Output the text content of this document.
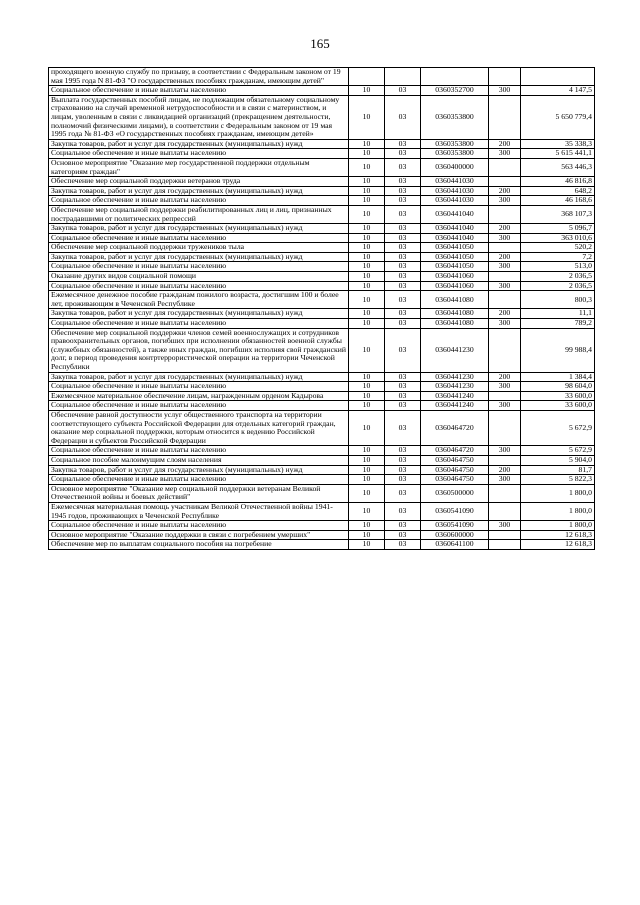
165
проходящего военную службу по призыву, в соответствии с Федеральным законом от 19 мая 1995 года N 81-ФЗ "О государственных пособиях гражданам, имеющим детей"					
Социальное обеспечение и иные выплаты населению	10	03	0360352700	300	4 147,5
Выплата государственных пособий лицам, не подлежащим обязательному социальному страхованию на случай временной нетрудоспособности и в связи с материнством, и лицам, уволенным в связи с ликвидацией организаций (прекращением деятельности, полномочий физическими лицами), в соответствии с Федеральным законом от 19 мая 1995 года № 81-ФЗ «О государственных пособиях гражданам, имеющим детей»	10	03	0360353800		5 650 779,4
Закупка товаров, работ и услуг для государственных (муниципальных) нужд	10	03	0360353800	200	35 338,3
Социальное обеспечение и иные выплаты населению	10	03	0360353800	300	5 615 441,1
Основное мероприятие "Оказание мер государственной поддержки отдельным категориям граждан"	10	03	0360400000		563 446,3
Обеспечение мер социальной поддержки ветеранов труда	10	03	0360441030		46 816,8
Закупка товаров, работ и услуг для государственных (муниципальных) нужд	10	03	0360441030	200	648,2
Социальное обеспечение и иные выплаты населению	10	03	0360441030	300	46 168,6
Обеспечение мер социальной поддержки реабилитированных лиц и лиц, признанных пострадавшими от политических репрессий	10	03	0360441040		368 107,3
Закупка товаров, работ и услуг для государственных (муниципальных) нужд	10	03	0360441040	200	5 096,7
Социальное обеспечение и иные выплаты населению	10	03	0360441040	300	363 010,6
Обеспечение мер социальной поддержки тружеников тыла	10	03	0360441050		520,2
Закупка товаров, работ и услуг для государственных (муниципальных) нужд	10	03	0360441050	200	7,2
Социальное обеспечение и иные выплаты населению	10	03	0360441050	300	513,0
Оказание других видов социальной помощи	10	03	0360441060		2 036,5
Социальное обеспечение и иные выплаты населению	10	03	0360441060	300	2 036,5
Ежемесячное денежное пособие гражданам пожилого возраста, достигшим 100 и более лет, проживающим в Чеченской Республике	10	03	0360441080		800,3
Закупка товаров, работ и услуг для государственных (муниципальных) нужд	10	03	0360441080	200	11,1
Социальное обеспечение и иные выплаты населению	10	03	0360441080	300	789,2
Обеспечение мер социальной поддержки членов семей военнослужащих и сотрудников правоохранительных органов, погибших при исполнении обязанностей военной службы (служебных обязанностей), а также иных граждан, погибших исполняя свой гражданский долг, в период проведения контртеррористической операции на территории Чеченской Республики	10	03	0360441230		99 988,4
Закупка товаров, работ и услуг для государственных (муниципальных) нужд	10	03	0360441230	200	1 384,4
Социальное обеспечение и иные выплаты населению	10	03	0360441230	300	98 604,0
Ежемесячное материальное обеспечение лицам, награжденным орденом Кадырова	10	03	0360441240		33 600,0
Социальное обеспечение и иные выплаты населению	10	03	0360441240	300	33 600,0
Обеспечение равной доступности услуг общественного транспорта на территории соответствующего субъекта Российской Федерации для отдельных категорий граждан, оказание мер социальной поддержки, которым относится к ведению Российской Федерации и субъектов Российской Федерации	10	03	0360464720		5 672,9
Социальное обеспечение и иные выплаты населению	10	03	0360464720	300	5 672,9
Социальное пособие малоимущим слоям населения	10	03	0360464750		5 904,0
Закупка товаров, работ и услуг для государственных (муниципальных) нужд	10	03	0360464750	200	81,7
Социальное обеспечение и иные выплаты населению	10	03	0360464750	300	5 822,3
Основное мероприятие "Оказание мер социальной поддержки ветеранам Великой Отечественной войны и боевых действий"	10	03	0360500000		1 800,0
Ежемесячная материальная помощь участникам Великой Отечественной войны 1941-1945 годов, проживающих в Чеченской Республике	10	03	0360541090		1 800,0
Социальное обеспечение и иные выплаты населению	10	03	0360541090	300	1 800,0
Основное мероприятие "Оказание поддержки в связи с погребением умерших"	10	03	0360600000		12 618,3
Обеспечение мер по выплатам социального пособия на погребение	10	03	0360641100		12 618,3
